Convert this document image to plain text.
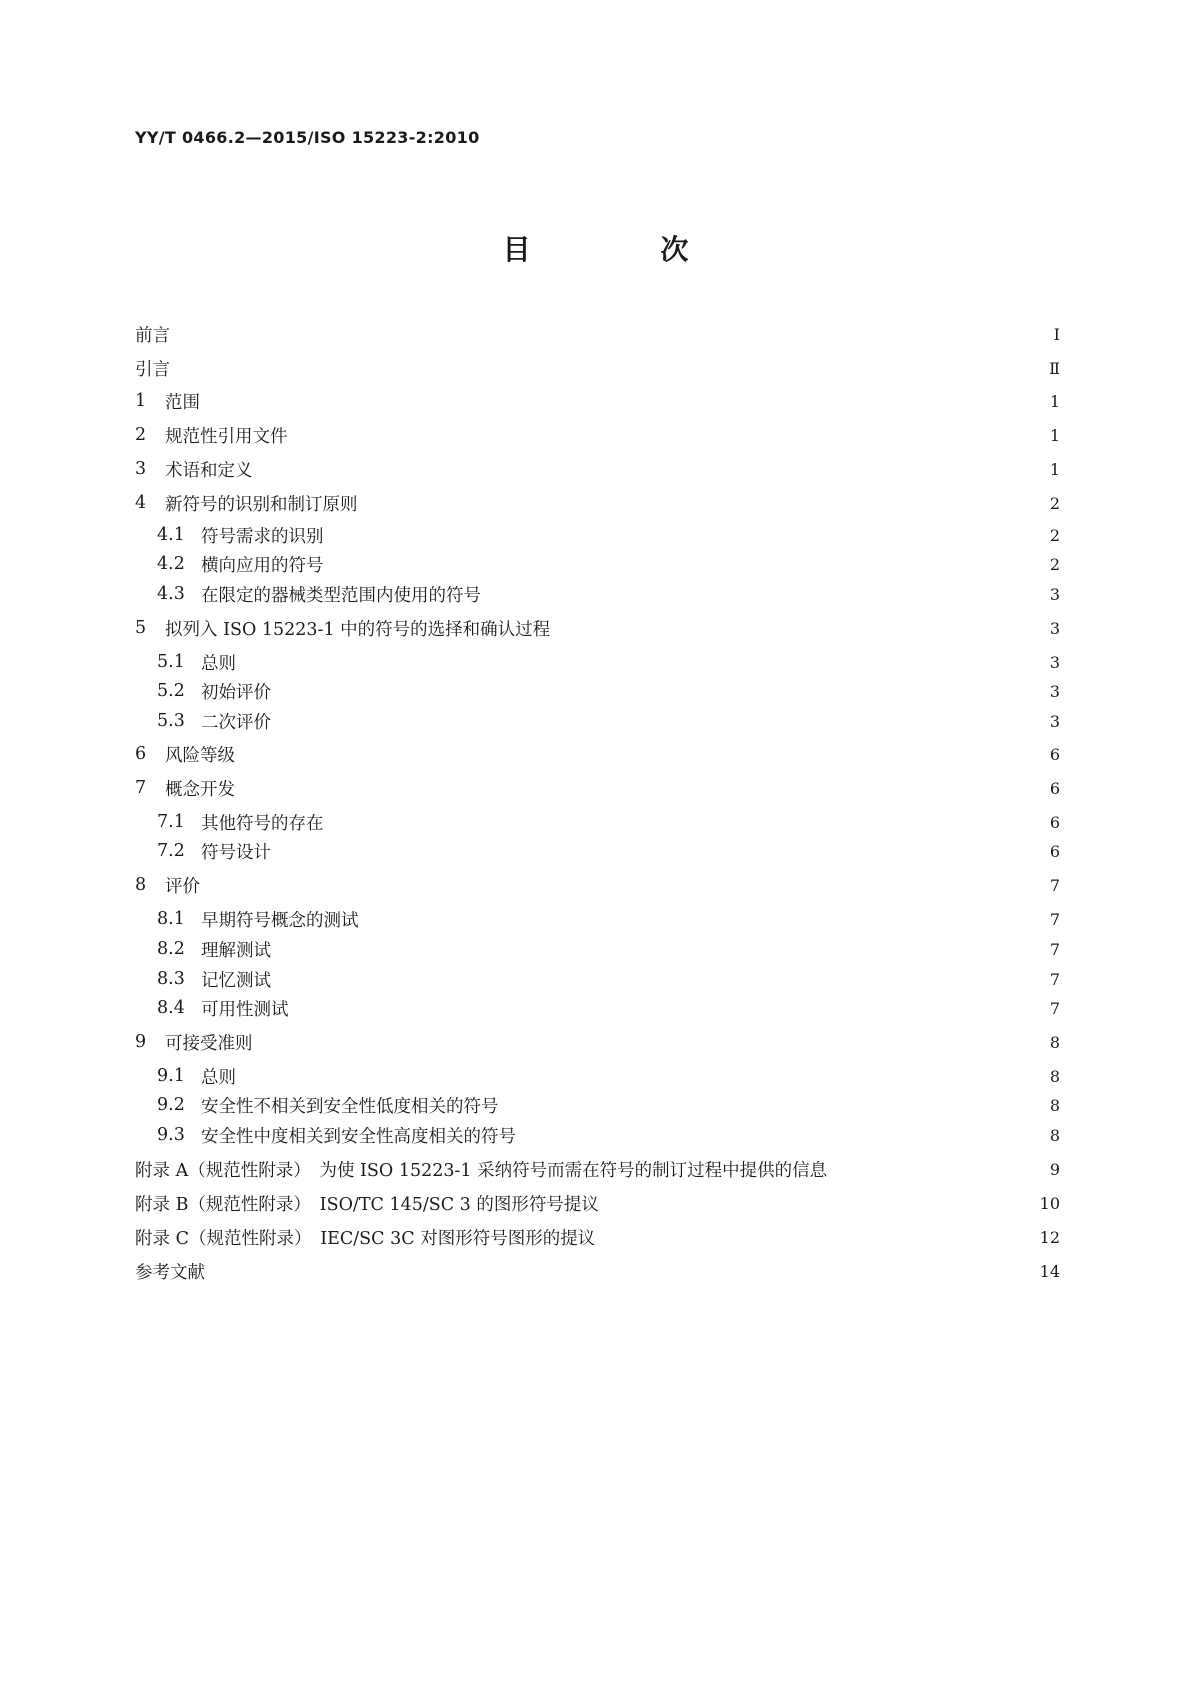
YY/T 0466.2—2015/ISO 15223-2:2010
目 次
前言	Ⅰ
引言	Ⅱ
1	范围	1
2	规范性引用文件	1
3	术语和定义	1
4	新符号的识别和制订原则	2
4.1 符号需求的识别	2
4.2 横向应用的符号	2
4.3 在限定的器械类型范围内使用的符号	3
5	拟列入 ISO 15223-1 中的符号的选择和确认过程	3
5.1 总则	3
5.2 初始评价	3
5.3 二次评价	3
6	风险等级	6
7	概念开发	6
7.1 其他符号的存在	6
7.2 符号设计	6
8	评价	7
8.1 早期符号概念的测试	7
8.2 理解测试	7
8.3 记忆测试	7
8.4 可用性测试	7
9	可接受准则	8
9.1 总则	8
9.2 安全性不相关到安全性低度相关的符号	8
9.3 安全性中度相关到安全性高度相关的符号	8
附录 A（规范性附录）　为使 ISO 15223-1 采纳符号而需在符号的制订过程中提供的信息	9
附录 B（规范性附录）　ISO/TC 145/SC 3 的图形符号提议	10
附录 C（规范性附录）　IEC/SC 3C 对图形符号图形的提议	12
参考文献	14
